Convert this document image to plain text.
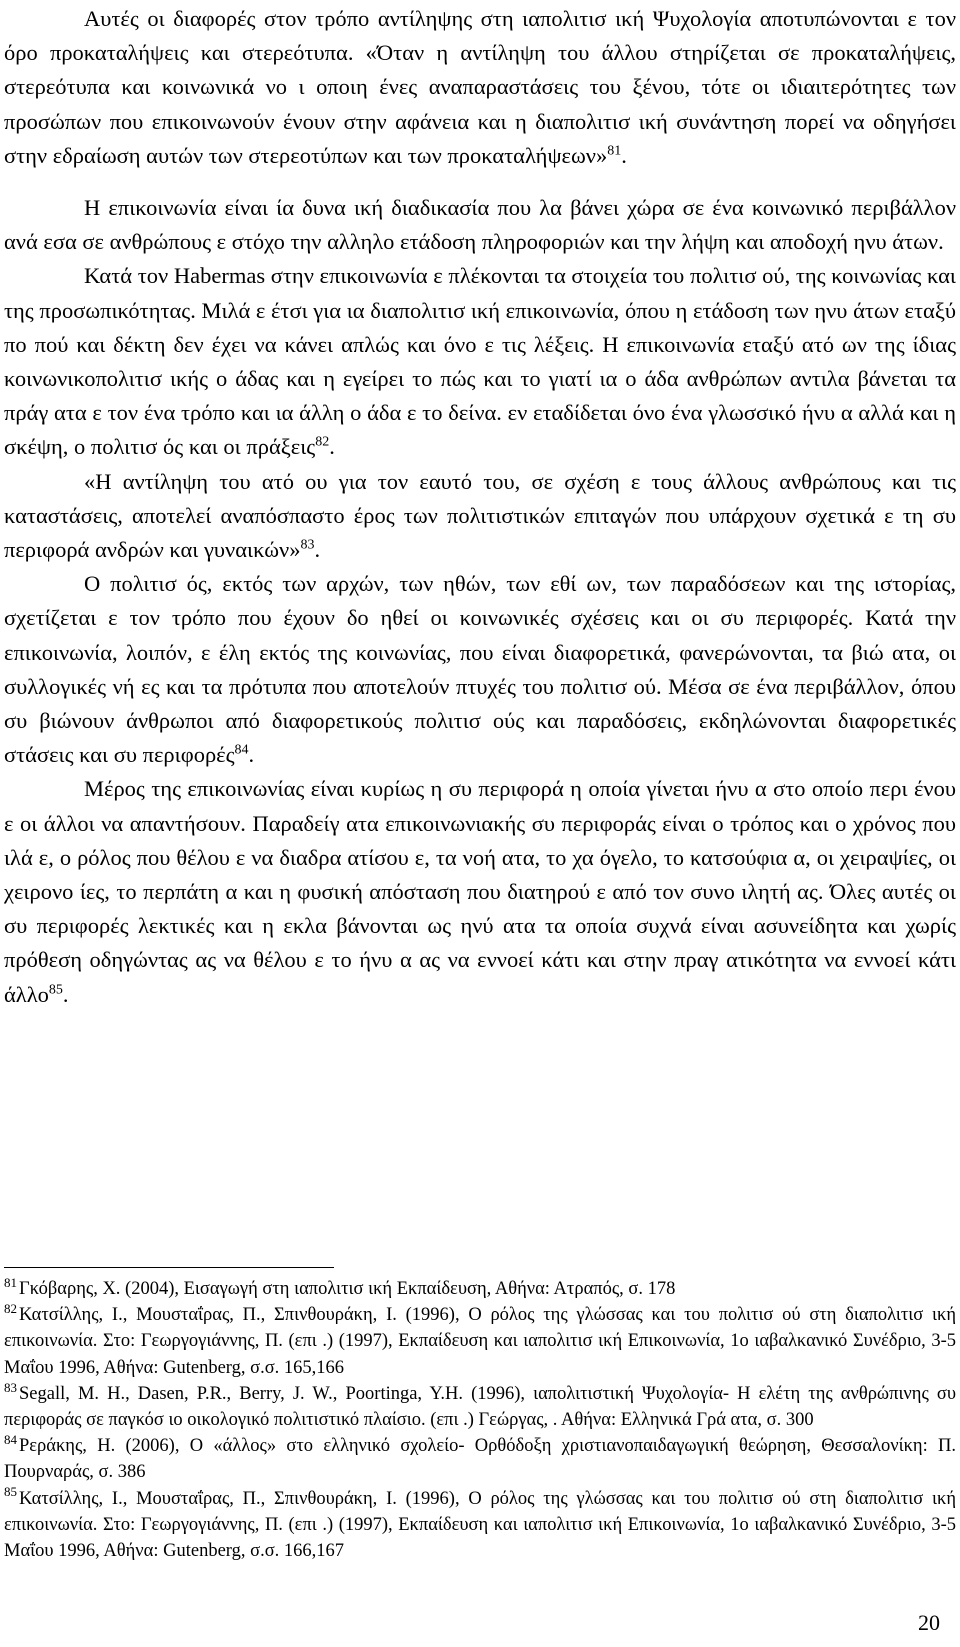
Αυτές οι διαφορές στον τρόπο αντίληψης στη ιαπολιτισ ική Ψυχολογία αποτυπώνονται ε τον όρο προκαταλήψεις και στερεότυπα. «Όταν η αντίληψη του άλλου στηρίζεται σε προκαταλήψεις, στερεότυπα και κοινωνικά νο ι οποιη ένες αναπαραστάσεις του ξένου, τότε οι ιδιαιτερότητες των προσώπων που επικοινωνούν ένουν στην αφάνεια και η διαπολιτισ ική συνάντηση πορεί να οδηγήσει στην εδραίωση αυτών των στερεοτύπων και των προκαταλήψεων»$^{81}$.

Η επικοινωνία είναι ία δυνα ική διαδικασία που λα βάνει χώρα σε ένα κοινωνικό περιβάλλον ανά εσα σε ανθρώπους ε στόχο την αλληλο ετάδοση πληροφοριών και την λήψη και αποδοχή ηνυ άτων.

Κατά τον Habermas στην επικοινωνία ε πλέκονται τα στοιχεία του πολιτισ ού, της κοινωνίας και της προσωπικότητας. Μιλά ε έτσι για ια διαπολιτισ ική επικοινωνία, όπου η ετάδοση των ηνυ άτων εταξύ πο πού και δέκτη δεν έχει να κάνει απλώς και όνο ε τις λέξεις. Η επικοινωνία εταξύ ατό ων της ίδιας κοινωνικοπολιτισ ικής ο άδας και η εγείρει το πώς και το γιατί ια ο άδα ανθρώπων αντιλα βάνεται τα πράγ ατα ε τον ένα τρόπο και ια άλλη ο άδα ε το δείνα. εν εταδίδεται όνο ένα γλωσσικό ήνυ α αλλά και η σκέψη, ο πολιτισ ός και οι πράξεις$^{82}$.

«Η αντίληψη του ατό ου για τον εαυτό του, σε σχέση ε τους άλλους ανθρώπους και τις καταστάσεις, αποτελεί αναπόσπαστο έρος των πολιτιστικών επιταγών που υπάρχουν σχετικά ε τη συ περιφορά ανδρών και γυναικών»$^{83}$.

Ο πολιτισ ός, εκτός των αρχών, των ηθών, των εθί ων, των παραδόσεων και της ιστορίας, σχετίζεται ε τον τρόπο που έχουν δο ηθεί οι κοινωνικές σχέσεις και οι συ περιφορές. Κατά την επικοινωνία, λοιπόν, ε έλη εκτός της κοινωνίας, που είναι διαφορετικά, φανερώνονται, τα βιώ ατα, οι συλλογικές νή ες και τα πρότυπα που αποτελούν πτυχές του πολιτισ ού. Μέσα σε ένα περιβάλλον, όπου συ βιώνουν άνθρωποι από διαφορετικούς πολιτισ ούς και παραδόσεις, εκδηλώνονται διαφορετικές στάσεις και συ περιφορές$^{84}$.

Μέρος της επικοινωνίας είναι κυρίως η συ περιφορά η οποία γίνεται ήνυ α στο οποίο περι ένου ε οι άλλοι να απαντήσουν. Παραδείγ ατα επικοινωνιακής συ περιφοράς είναι ο τρόπος και ο χρόνος που ιλά ε, ο ρόλος που θέλου ε να διαδρα ατίσου ε, τα νοή ατα, το χα όγελο, το κατσούφια α, οι χειραψίες, οι χειρονο ίες, το περπάτη α και η φυσική απόσταση που διατηρού ε από τον συνο ιλητή ας. Όλες αυτές οι συ περιφορές λεκτικές και η εκλα βάνονται ως ηνύ ατα τα οποία συχνά είναι ασυνείδητα και χωρίς πρόθεση οδηγώντας ας να θέλου ε το ήνυ α ας να εννοεί κάτι και στην πραγ ατικότητα να εννοεί κάτι άλλο$^{85}$.

$^{81}$ Γκόβαρης, Χ. (2004), Εισαγωγή στη ιαπολιτισ ική Εκπαίδευση, Αθήνα: Ατραπός, σ. 178

$^{82}$ Κατσίλλης, Ι., Μουσταΐρας, Π., Σπινθουράκη, Ι. (1996), Ο ρόλος της γλώσσας και του πολιτισ ού στη διαπολιτισ ική επικοινωνία. Στο: Γεωργογιάννης, Π. (επι .) (1997), Εκπαίδευση και ιαπολιτισ ική Επικοινωνία, 1ο ιαβαλκανικό Συνέδριο, 3-5 Μαΐου 1996, Αθήνα: Gutenberg, σ.σ. 165,166

$^{83}$ Segall, M. H., Dasen, P.R., Berry, J. W., Poortinga, Y.H. (1996), ιαπολιτιστική Ψυχολογία- Η ελέτη της ανθρώπινης συ περιφοράς σε παγκόσ ιο οικολογικό πολιτιστικό πλαίσιο. (επι .) Γεώργας, . Αθήνα: Ελληνικά Γρά ατα, σ. 300

$^{84}$ Ρεράκης, Η. (2006), Ο «άλλος» στο ελληνικό σχολείο- Ορθόδοξη χριστιανοπαιδαγωγική θεώρηση, Θεσσαλονίκη: Π. Πουρναράς, σ. 386

$^{85}$ Κατσίλλης, Ι., Μουσταΐρας, Π., Σπινθουράκη, Ι. (1996), Ο ρόλος της γλώσσας και του πολιτισ ού στη διαπολιτισ ική επικοινωνία. Στο: Γεωργογιάννης, Π. (επι .) (1997), Εκπαίδευση και ιαπολιτισ ική Επικοινωνία, 1ο ιαβαλκανικό Συνέδριο, 3-5 Μαΐου 1996, Αθήνα: Gutenberg, σ.σ. 166,167

20
